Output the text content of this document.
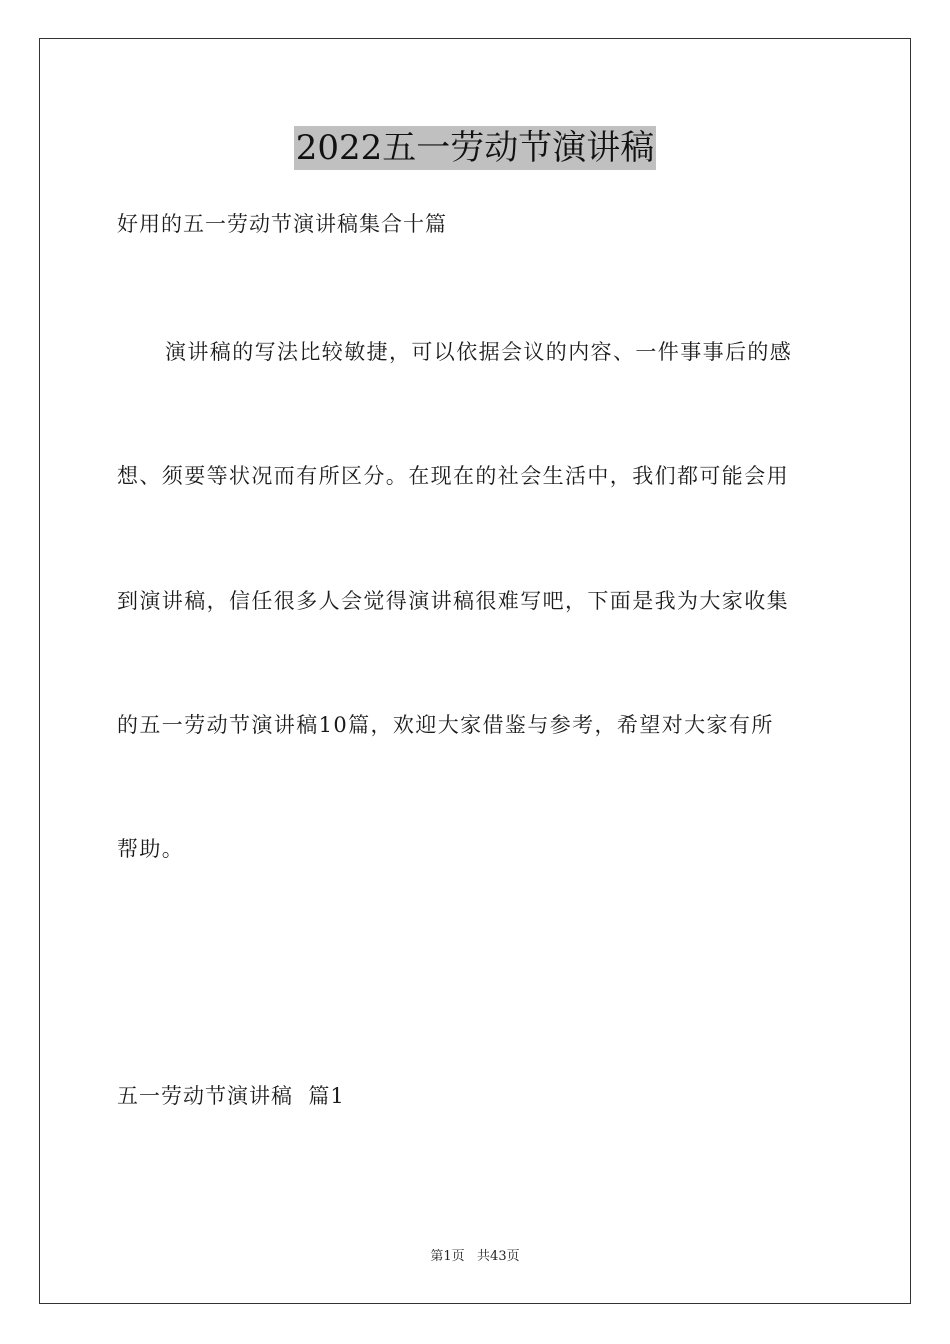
2022五一劳动节演讲稿
好用的五一劳动节演讲稿集合十篇
演讲稿的写法比较敏捷，可以依据会议的内容、一件事事后的感
想、须要等状况而有所区分。在现在的社会生活中，我们都可能会用
到演讲稿，信任很多人会觉得演讲稿很难写吧，下面是我为大家收集
的五一劳动节演讲稿10篇，欢迎大家借鉴与参考，希望对大家有所
帮助。
五一劳动节演讲稿  篇1
第1页   共43页
